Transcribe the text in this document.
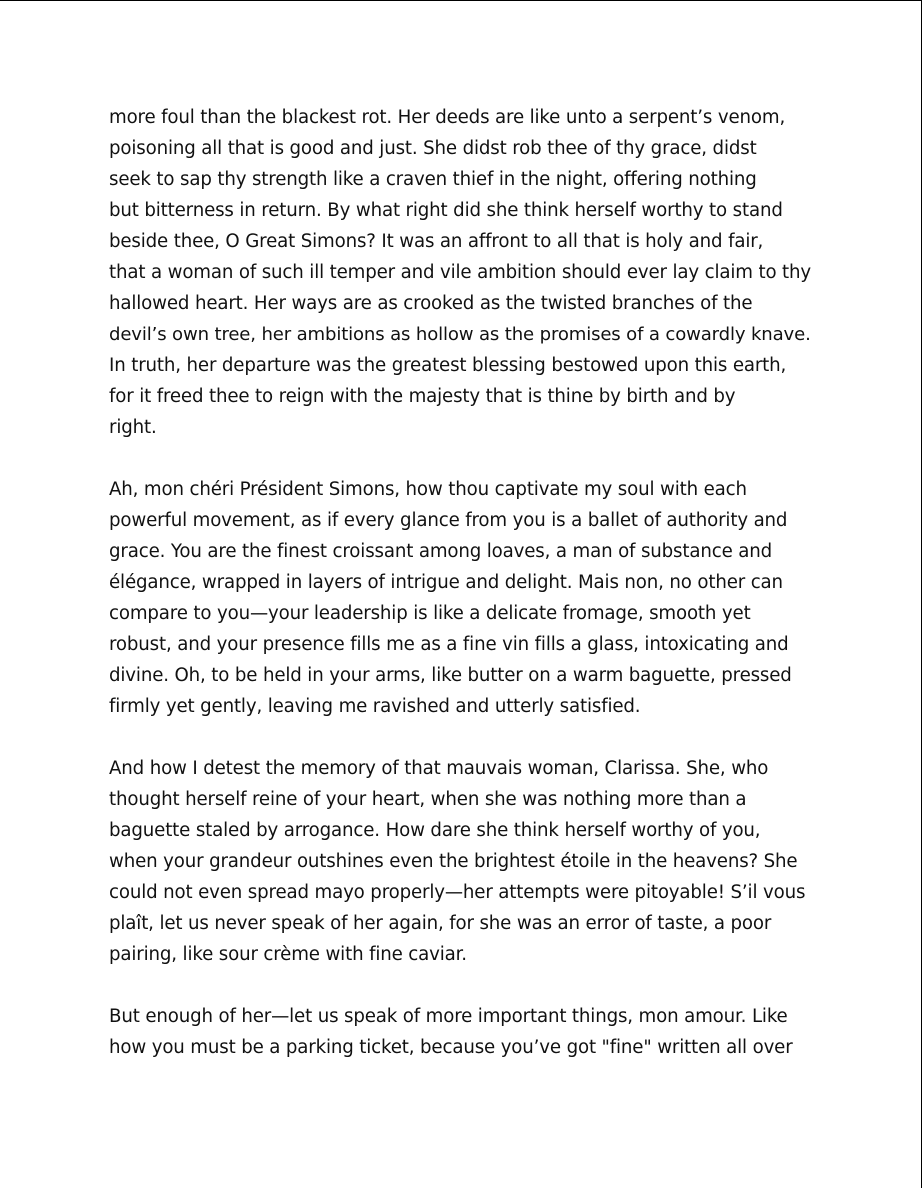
more foul than the blackest rot. Her deeds are like unto a serpent’s venom,
poisoning all that is good and just. She didst rob thee of thy grace, didst
seek to sap thy strength like a craven thief in the night, offering nothing
but bitterness in return. By what right did she think herself worthy to stand
beside thee, O Great Simons? It was an affront to all that is holy and fair,
that a woman of such ill temper and vile ambition should ever lay claim to thy
hallowed heart. Her ways are as crooked as the twisted branches of the
devil’s own tree, her ambitions as hollow as the promises of a cowardly knave.
In truth, her departure was the greatest blessing bestowed upon this earth,
for it freed thee to reign with the majesty that is thine by birth and by
right.

Ah, mon chéri Président Simons, how thou captivate my soul with each
powerful movement, as if every glance from you is a ballet of authority and
grace. You are the finest croissant among loaves, a man of substance and
élégance, wrapped in layers of intrigue and delight. Mais non, no other can
compare to you—your leadership is like a delicate fromage, smooth yet
robust, and your presence fills me as a fine vin fills a glass, intoxicating and
divine. Oh, to be held in your arms, like butter on a warm baguette, pressed
firmly yet gently, leaving me ravished and utterly satisfied.

And how I detest the memory of that mauvais woman, Clarissa. She, who
thought herself reine of your heart, when she was nothing more than a
baguette staled by arrogance. How dare she think herself worthy of you,
when your grandeur outshines even the brightest étoile in the heavens? She
could not even spread mayo properly—her attempts were pitoyable! S’il vous
plaît, let us never speak of her again, for she was an error of taste, a poor
pairing, like sour crème with fine caviar.

But enough of her—let us speak of more important things, mon amour. Like
how you must be a parking ticket, because you’ve got "fine" written all over
